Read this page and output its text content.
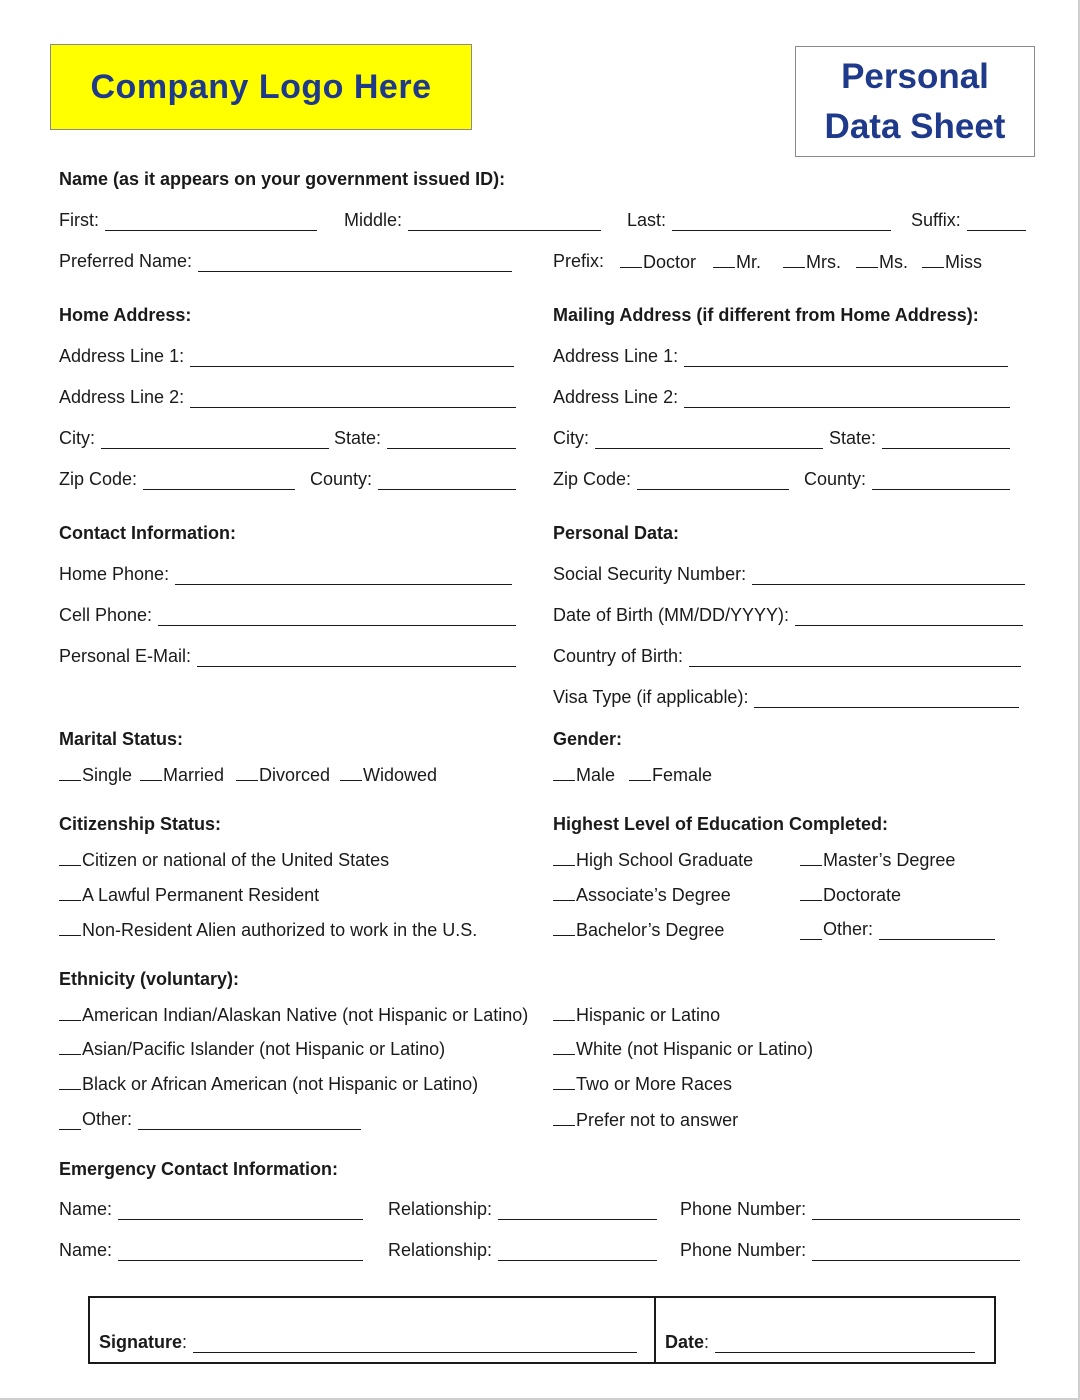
Company Logo Here	Personal
Data Sheet
Name (as it appears on your government issued ID):
First:	Middle:	Last:	Suffix:
Preferred Name:	Prefix:	Doctor	Mr.	Mrs.	Ms.	Miss
Home Address:
Address Line 1:
Address Line 2:
City:	State:
Zip Code:	County:
Mailing Address (if different from Home Address):
Address Line 1:
Address Line 2:
City:	State:
Zip Code:	County:
Contact Information:
Home Phone:
Cell Phone:
Personal E-Mail:
Personal Data:
Social Security Number:
Date of Birth (MM/DD/YYYY):
Country of Birth:
Visa Type (if applicable):
Marital Status:
Single	Married	Divorced	Widowed
Gender:
Male	Female
Citizenship Status:
Citizen or national of the United States
A Lawful Permanent Resident
Non-Resident Alien authorized to work in the U.S.
Highest Level of Education Completed:
High School Graduate
Associate’s Degree
Bachelor’s Degree
Master’s Degree
Doctorate
Other:
Ethnicity (voluntary):
American Indian/Alaskan Native (not Hispanic or Latino)
Asian/Pacific Islander (not Hispanic or Latino)
Black or African American (not Hispanic or Latino)
Other:
Hispanic or Latino
White (not Hispanic or Latino)
Two or More Races
Prefer not to answer
Emergency Contact Information:
Name:	Relationship:	Phone Number:
Name:	Relationship:	Phone Number:
Signature :	Date :
